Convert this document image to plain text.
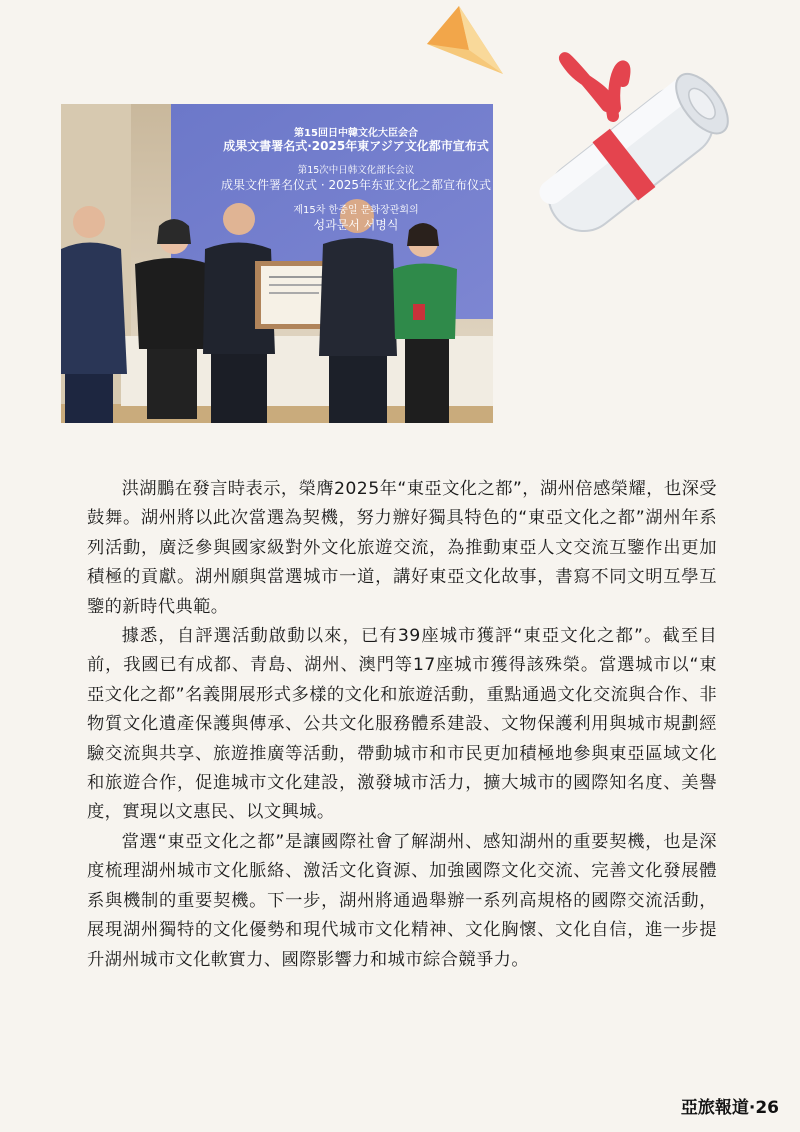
第15回日中韓文化大臣会合
成果文書署名式·2025年東アジア文化都市宣布式
第15次中日韩文化部长会议
成果文件署名仪式 · 2025年东亚文化之都宣布仪式
제15차 한중일 문화장관회의
성과문서 서명식

洪湖鵬在發言時表示，榮膺2025年“東亞文化之都”，湖州倍感榮耀，也深受鼓舞。湖州將以此次當選為契機，努力辦好獨具特色的“東亞文化之都”湖州年系列活動，廣泛參與國家級對外文化旅遊交流，為推動東亞人文交流互鑒作出更加積極的貢獻。湖州願與當選城市一道，講好東亞文化故事，書寫不同文明互學互鑒的新時代典範。

據悉，自評選活動啟動以來，已有39座城市獲評“東亞文化之都”。截至目前，我國已有成都、青島、湖州、澳門等17座城市獲得該殊榮。當選城市以“東亞文化之都”名義開展形式多樣的文化和旅遊活動，重點通過文化交流與合作、非物質文化遺產保護與傳承、公共文化服務體系建設、文物保護利用與城市規劃經驗交流與共享、旅遊推廣等活動，帶動城市和市民更加積極地參與東亞區域文化和旅遊合作，促進城市文化建設，激發城市活力，擴大城市的國際知名度、美譽度，實現以文惠民、以文興城。

當選“東亞文化之都”是讓國際社會了解湖州、感知湖州的重要契機，也是深度梳理湖州城市文化脈絡、激活文化資源、加強國際文化交流、完善文化發展體系與機制的重要契機。下一步，湖州將通過舉辦一系列高規格的國際交流活動，展現湖州獨特的文化優勢和現代城市文化精神、文化胸懷、文化自信，進一步提升湖州城市文化軟實力、國際影響力和城市綜合競爭力。

亞旅報道·26
